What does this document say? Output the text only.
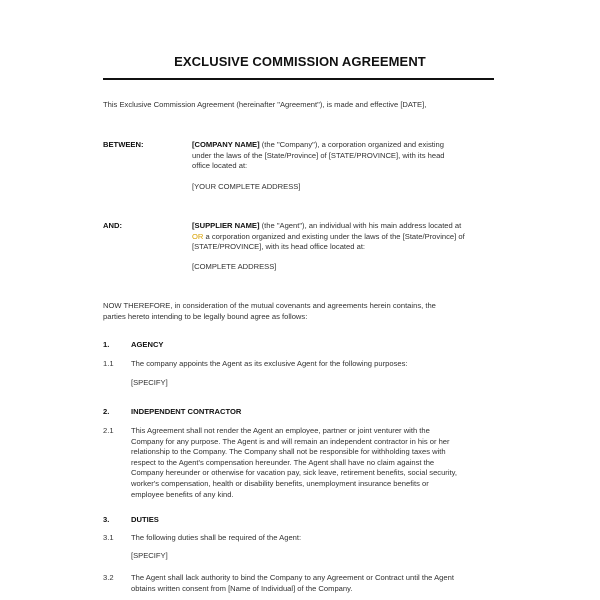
EXCLUSIVE COMMISSION AGREEMENT
This Exclusive Commission Agreement (hereinafter "Agreement"), is made and effective [DATE],
BETWEEN:	[COMPANY NAME] (the "Company"), a corporation organized and existing
under the laws of the [State/Province] of [STATE/PROVINCE], with its head
office located at:
[YOUR COMPLETE ADDRESS]
AND:	[SUPPLIER NAME] (the "Agent"), an individual with his main address located at
OR a corporation organized and existing under the laws of the [State/Province] of
[STATE/PROVINCE], with its head office located at:
[COMPLETE ADDRESS]
NOW THEREFORE, in consideration of the mutual covenants and agreements herein contains, the
parties hereto intending to be legally bound agree as follows:
1.	AGENCY
1.1	The company appoints the Agent as its exclusive Agent for the following purposes:
[SPECIFY]
2.	INDEPENDENT CONTRACTOR
2.1	This Agreement shall not render the Agent an employee, partner or joint venturer with the
Company for any purpose. The Agent is and will remain an independent contractor in his or her
relationship to the Company. The Company shall not be responsible for withholding taxes with
respect to the Agent's compensation hereunder. The Agent shall have no claim against the
Company hereunder or otherwise for vacation pay, sick leave, retirement benefits, social security,
worker's compensation, health or disability benefits, unemployment insurance benefits or
employee benefits of any kind.
3.	DUTIES
3.1	The following duties shall be required of the Agent:
[SPECIFY]
3.2	The Agent shall lack authority to bind the Company to any Agreement or Contract until the Agent
obtains written consent from [Name of Individual] of the Company.
